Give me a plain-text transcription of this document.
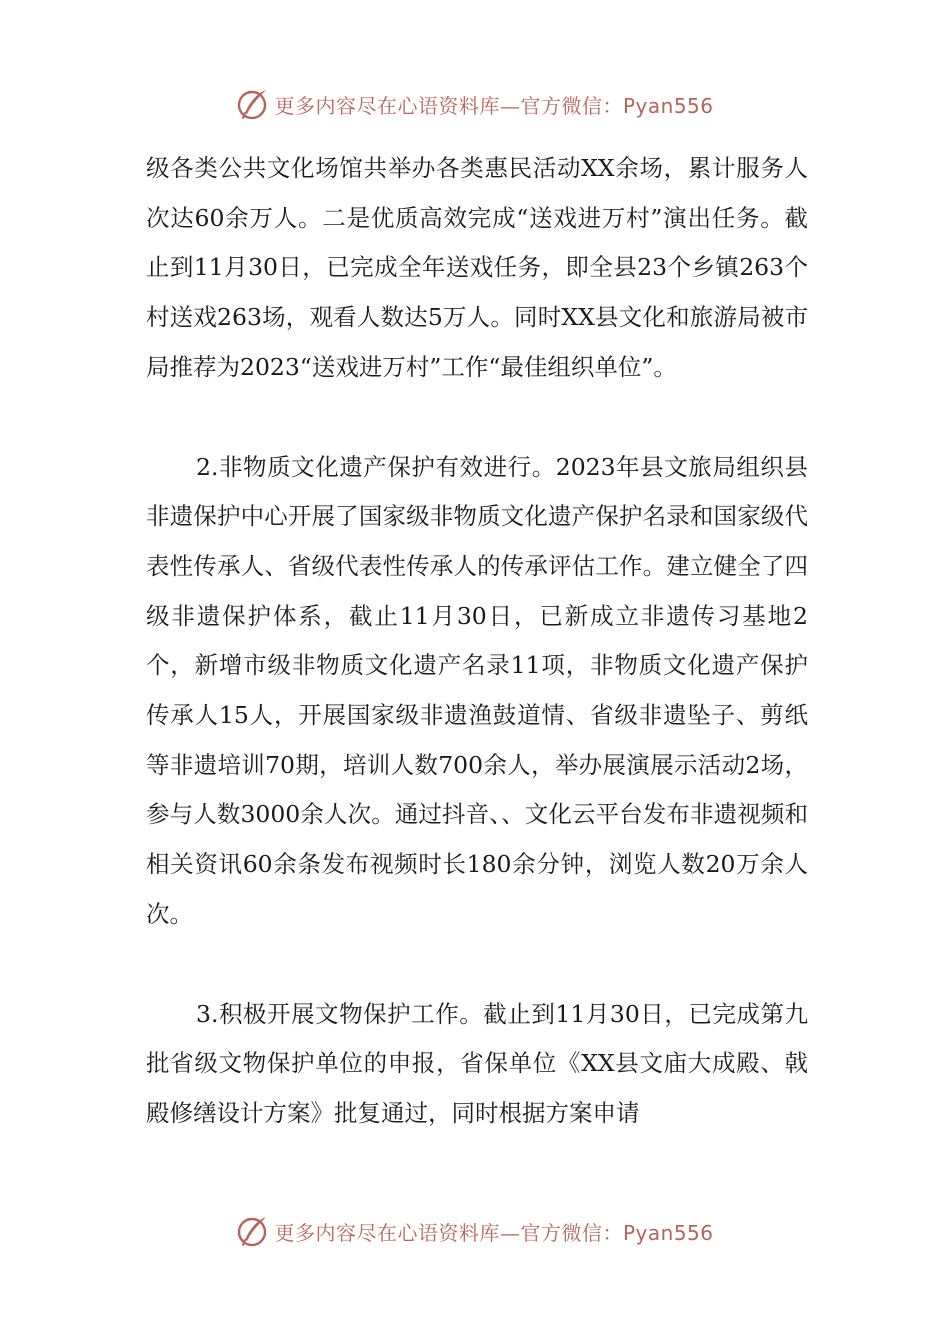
更多内容尽在心语资料库—官方微信：Pyan556

级各类公共文化场馆共举办各类惠民活动XX余场，累计服务人次达60余万人。二是优质高效完成“送戏进万村”演出任务。截止到11月30日，已完成全年送戏任务，即全县23个乡镇263个村送戏263场，观看人数达5万人。同时XX县文化和旅游局被市局推荐为2023“送戏进万村”工作“最佳组织单位”。

2.非物质文化遗产保护有效进行。2023年县文旅局组织县非遗保护中心开展了国家级非物质文化遗产保护名录和国家级代表性传承人、省级代表性传承人的传承评估工作。建立健全了四级非遗保护体系，截止11月30日，已新成立非遗传习基地2个，新增市级非物质文化遗产名录11项，非物质文化遗产保护传承人15人，开展国家级非遗渔鼓道情、省级非遗坠子、剪纸等非遗培训70期，培训人数700余人，举办展演展示活动2场，参与人数3000余人次。通过抖音、、文化云平台发布非遗视频和相关资讯60余条发布视频时长180余分钟，浏览人数20万余人次。

3.积极开展文物保护工作。截止到11月30日，已完成第九批省级文物保护单位的申报，省保单位《XX县文庙大成殿、戟殿修缮设计方案》批复通过，同时根据方案申请

更多内容尽在心语资料库—官方微信：Pyan556
